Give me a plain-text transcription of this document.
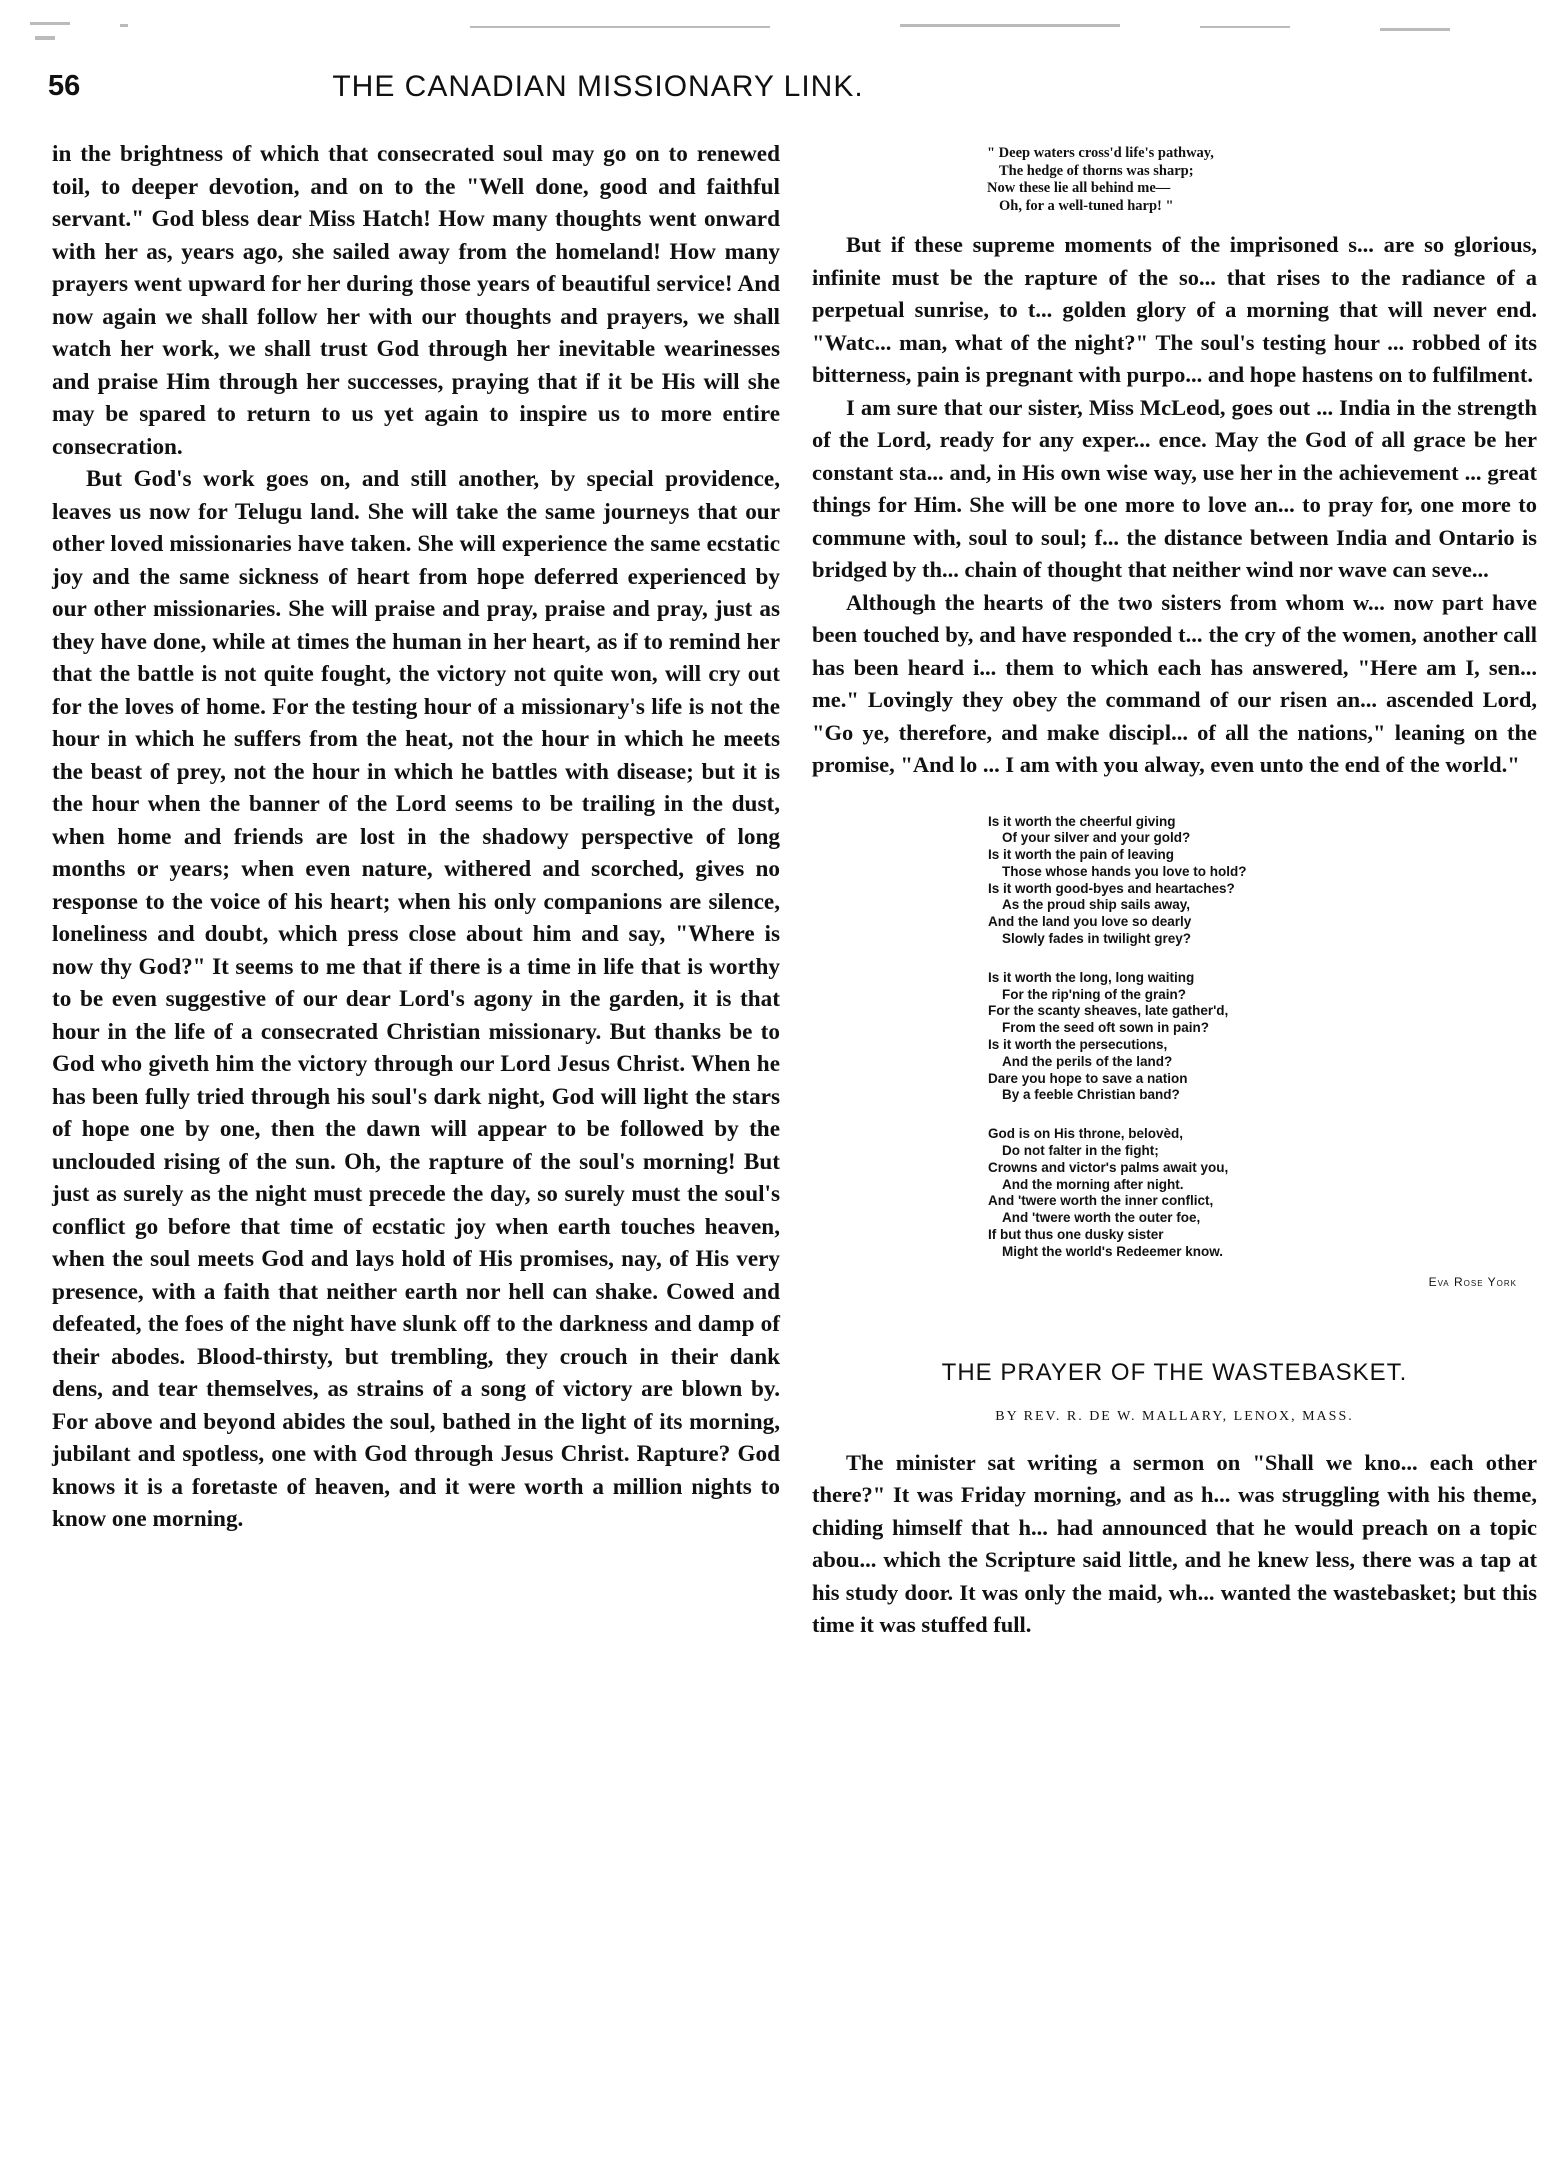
56	THE CANADIAN MISSIONARY LINK.

in the brightness of which that consecrated soul may go on to renewed toil, to deeper devotion, and on to the "Well done, good and faithful servant." God bless dear Miss Hatch! How many thoughts went onward with her as, years ago, she sailed away from the homeland! How many prayers went upward for her during those years of beautiful service! And now again we shall follow her with our thoughts and prayers, we shall watch her work, we shall trust God through her inevitable wearinesses and praise Him through her successes, praying that if it be His will she may be spared to return to us yet again to inspire us to more entire consecration.

But God's work goes on, and still another, by special providence, leaves us now for Telugu land. She will take the same journeys that our other loved missionaries have taken. She will experience the same ecstatic joy and the same sickness of heart from hope deferred experienced by our other missionaries. She will praise and pray, praise and pray, just as they have done, while at times the human in her heart, as if to remind her that the battle is not quite fought, the victory not quite won, will cry out for the loves of home. For the testing hour of a missionary's life is not the hour in which he suffers from the heat, not the hour in which he meets the beast of prey, not the hour in which he battles with disease; but it is the hour when the banner of the Lord seems to be trailing in the dust, when home and friends are lost in the shadowy perspective of long months or years; when even nature, withered and scorched, gives no response to the voice of his heart; when his only companions are silence, loneliness and doubt, which press close about him and say, "Where is now thy God?" It seems to me that if there is a time in life that is worthy to be even suggestive of our dear Lord's agony in the garden, it is that hour in the life of a consecrated Christian missionary. But thanks be to God who giveth him the victory through our Lord Jesus Christ. When he has been fully tried through his soul's dark night, God will light the stars of hope one by one, then the dawn will appear to be followed by the unclouded rising of the sun. Oh, the rapture of the soul's morning! But just as surely as the night must precede the day, so surely must the soul's conflict go before that time of ecstatic joy when earth touches heaven, when the soul meets God and lays hold of His promises, nay, of His very presence, with a faith that neither earth nor hell can shake. Cowed and defeated, the foes of the night have slunk off to the darkness and damp of their abodes. Blood-thirsty, but trembling, they crouch in their dank dens, and tear themselves, as strains of a song of victory are blown by. For above and beyond abides the soul, bathed in the light of its morning, jubilant and spotless, one with God through Jesus Christ. Rapture? God knows it is a foretaste of heaven, and it were worth a million nights to know one morning.

" Deep waters cross'd life's pathway,
The hedge of thorns was sharp;
Now these lie all behind me—
Oh, for a well-tuned harp! "

But if these supreme moments of the imprisoned s... are so glorious, infinite must be the rapture of the so... that rises to the radiance of a perpetual sunrise, to t... golden glory of a morning that will never end. "Watc... man, what of the night?" The soul's testing hour ... robbed of its bitterness, pain is pregnant with purpo... and hope hastens on to fulfilment.

I am sure that our sister, Miss McLeod, goes out ... India in the strength of the Lord, ready for any exper... ence. May the God of all grace be her constant sta... and, in His own wise way, use her in the achievement ... great things for Him. She will be one more to love an... to pray for, one more to commune with, soul to soul; f... the distance between India and Ontario is bridged by th... chain of thought that neither wind nor wave can seve...

Although the hearts of the two sisters from whom w... now part have been touched by, and have responded t... the cry of the women, another call has been heard i... them to which each has answered, "Here am I, sen... me." Lovingly they obey the command of our risen an... ascended Lord, "Go ye, therefore, and make discipl... of all the nations," leaning on the promise, "And lo ... I am with you alway, even unto the end of the world."

Is it worth the cheerful giving
Of your silver and your gold?
Is it worth the pain of leaving
Those whose hands you love to hold?
Is it worth good-byes and heartaches?
As the proud ship sails away,
And the land you love so dearly
Slowly fades in twilight grey?
Is it worth the long, long waiting
For the rip'ning of the grain?
For the scanty sheaves, late gather'd,
From the seed oft sown in pain?
Is it worth the persecutions,
And the perils of the land?
Dare you hope to save a nation
By a feeble Christian band?
God is on His throne, belovèd,
Do not falter in the fight;
Crowns and victor's palms await you,
And the morning after night.
And 'twere worth the inner conflict,
And 'twere worth the outer foe,
If but thus one dusky sister
Might the world's Redeemer know.
Eva Rose York
THE PRAYER OF THE WASTEBASKET.
BY REV. R. DE W. MALLARY, LENOX, MASS.

The minister sat writing a sermon on "Shall we kno... each other there?" It was Friday morning, and as h... was struggling with his theme, chiding himself that h... had announced that he would preach on a topic abou... which the Scripture said little, and he knew less, there was a tap at his study door. It was only the maid, wh... wanted the wastebasket; but this time it was stuffed full.
